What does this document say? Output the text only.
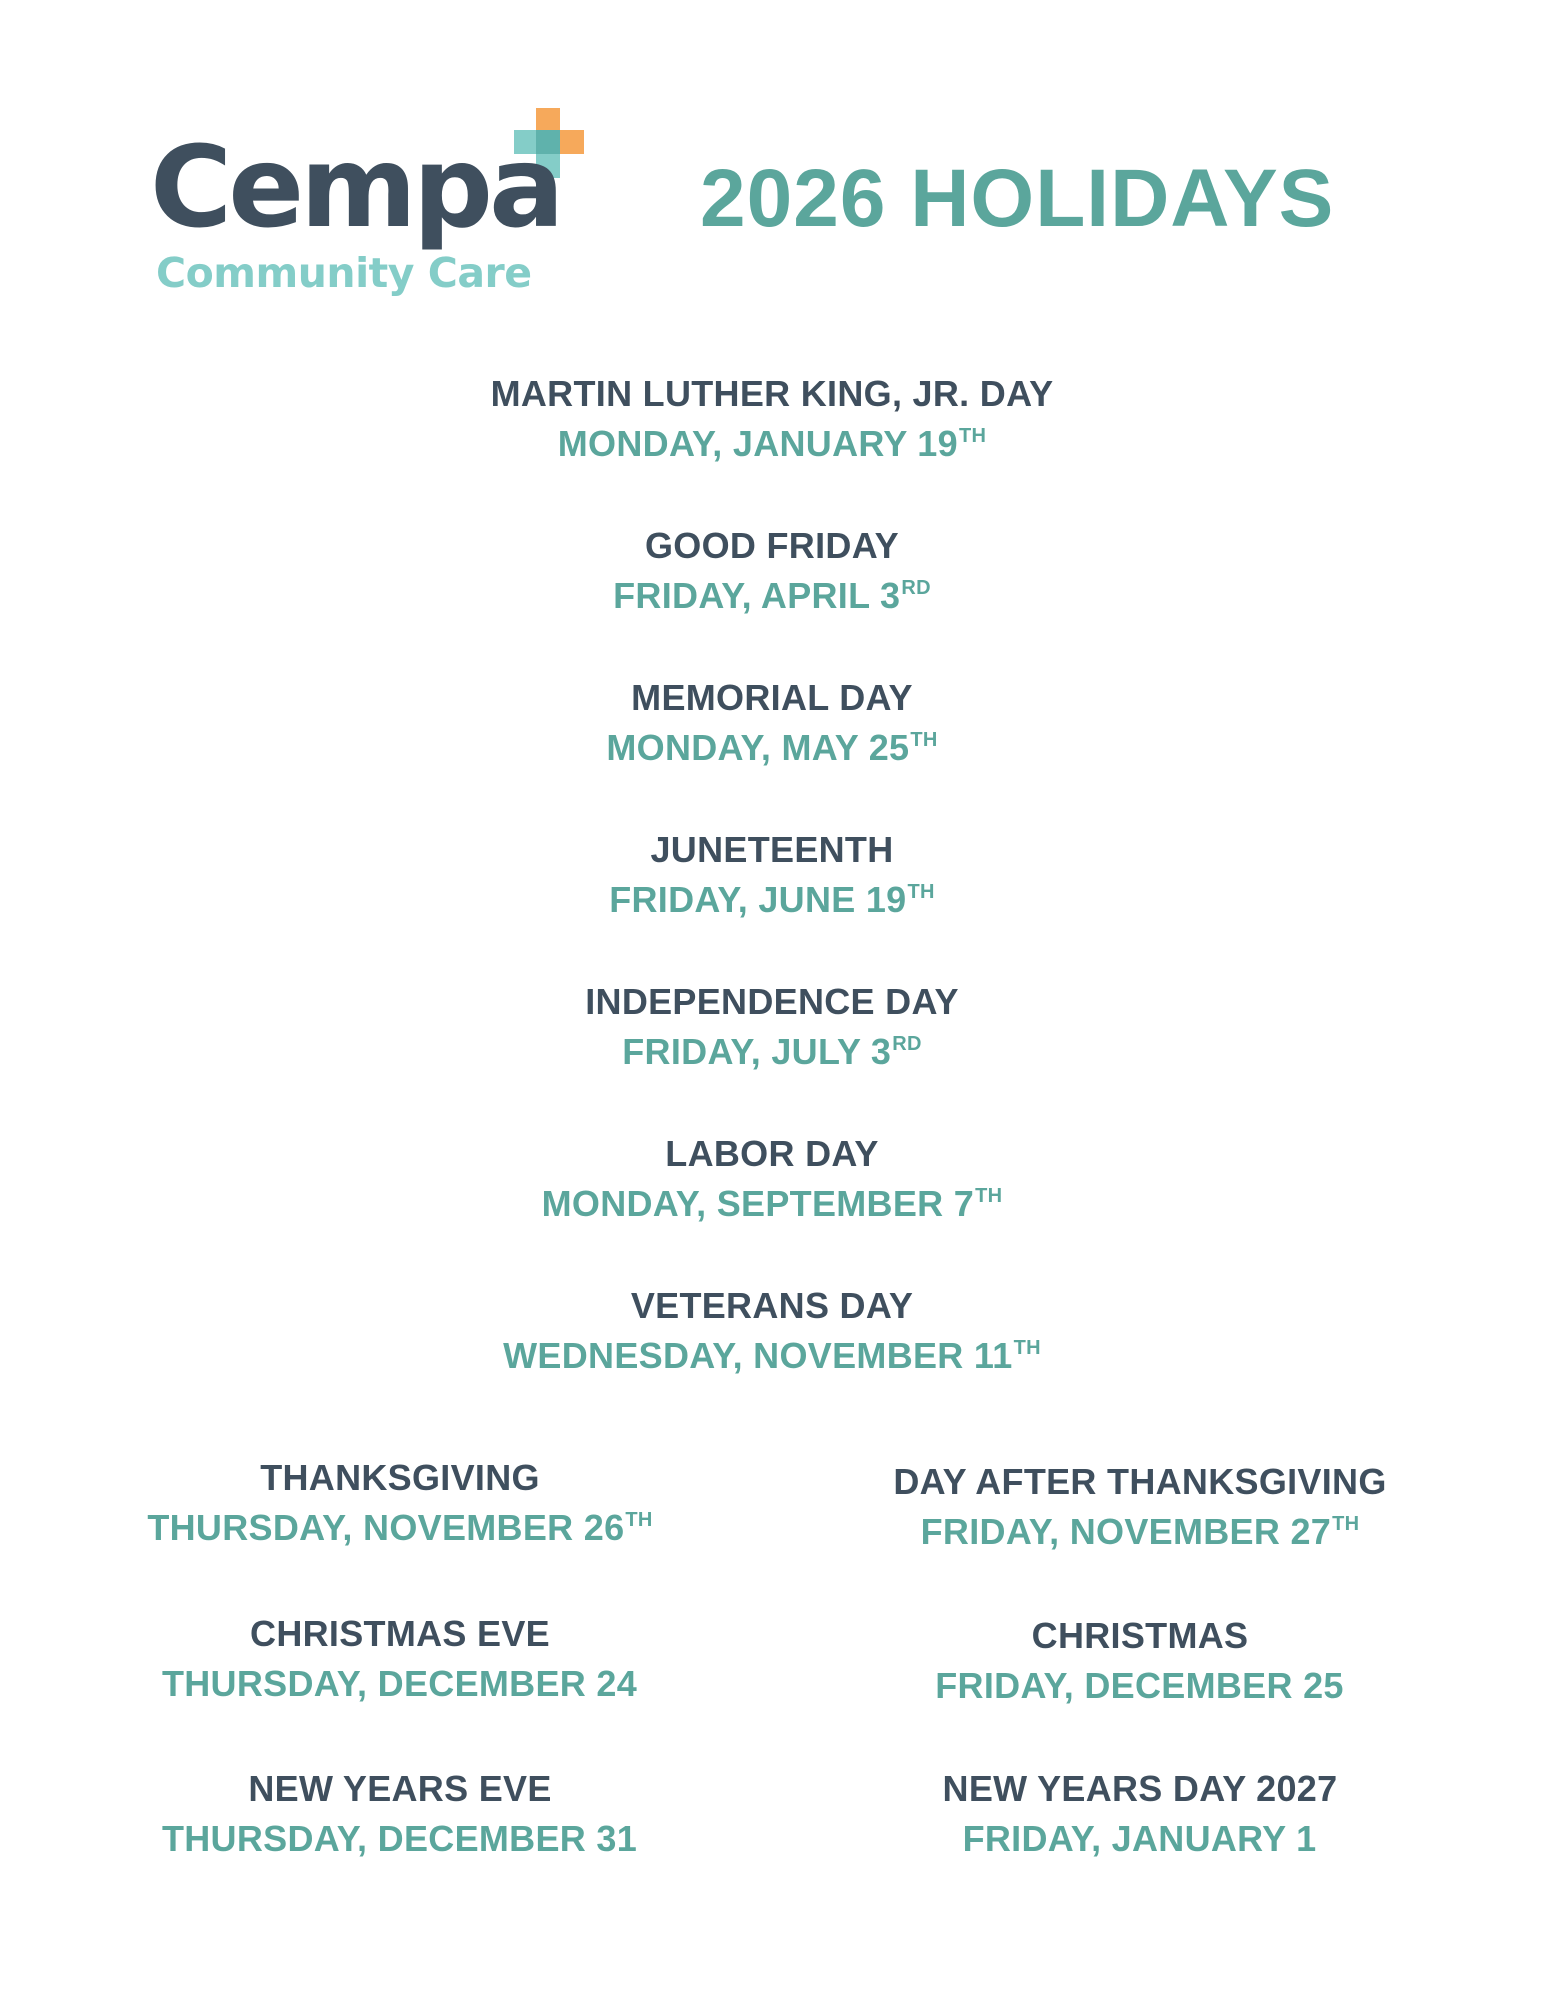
Cempa
Community Care
2026 HOLIDAYS
MARTIN LUTHER KING, JR. DAY
MONDAY, JANUARY 19TH
GOOD FRIDAY
FRIDAY, APRIL 3RD
MEMORIAL DAY
MONDAY, MAY 25TH
JUNETEENTH
FRIDAY, JUNE 19TH
INDEPENDENCE DAY
FRIDAY, JULY 3RD
LABOR DAY
MONDAY, SEPTEMBER 7TH
VETERANS DAY
WEDNESDAY, NOVEMBER 11TH
THANKSGIVING
THURSDAY, NOVEMBER 26TH
DAY AFTER THANKSGIVING
FRIDAY, NOVEMBER 27TH
CHRISTMAS EVE
THURSDAY, DECEMBER 24
CHRISTMAS
FRIDAY, DECEMBER 25
NEW YEARS EVE
THURSDAY, DECEMBER 31
NEW YEARS DAY 2027
FRIDAY, JANUARY 1
